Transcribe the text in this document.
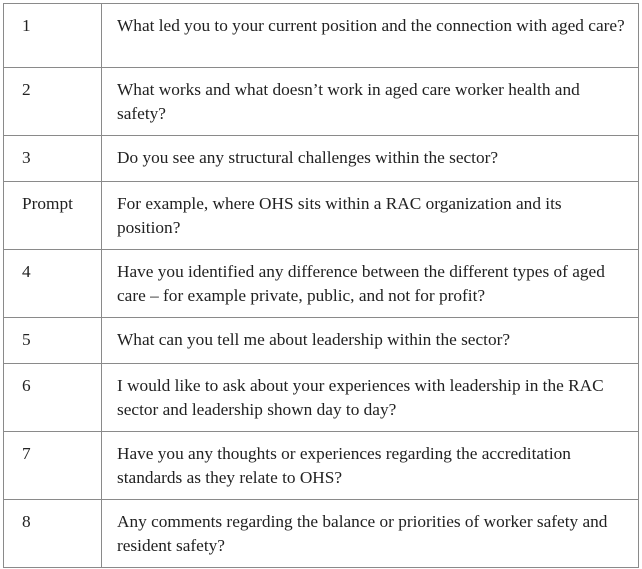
1	What led you to your current position and the connection with aged care?
2	What works and what doesn’t work in aged care worker health and safety?
3	Do you see any structural challenges within the sector?
Prompt	For example, where OHS sits within a RAC organization and its position?
4	Have you identified any difference between the different types of aged care – for example private, public, and not for profit?
5	What can you tell me about leadership within the sector?
6	I would like to ask about your experiences with leadership in the RAC sector and leadership shown day to day?
7	Have you any thoughts or experiences regarding the accreditation standards as they relate to OHS?
8	Any comments regarding the balance or priorities of worker safety and resident safety?
